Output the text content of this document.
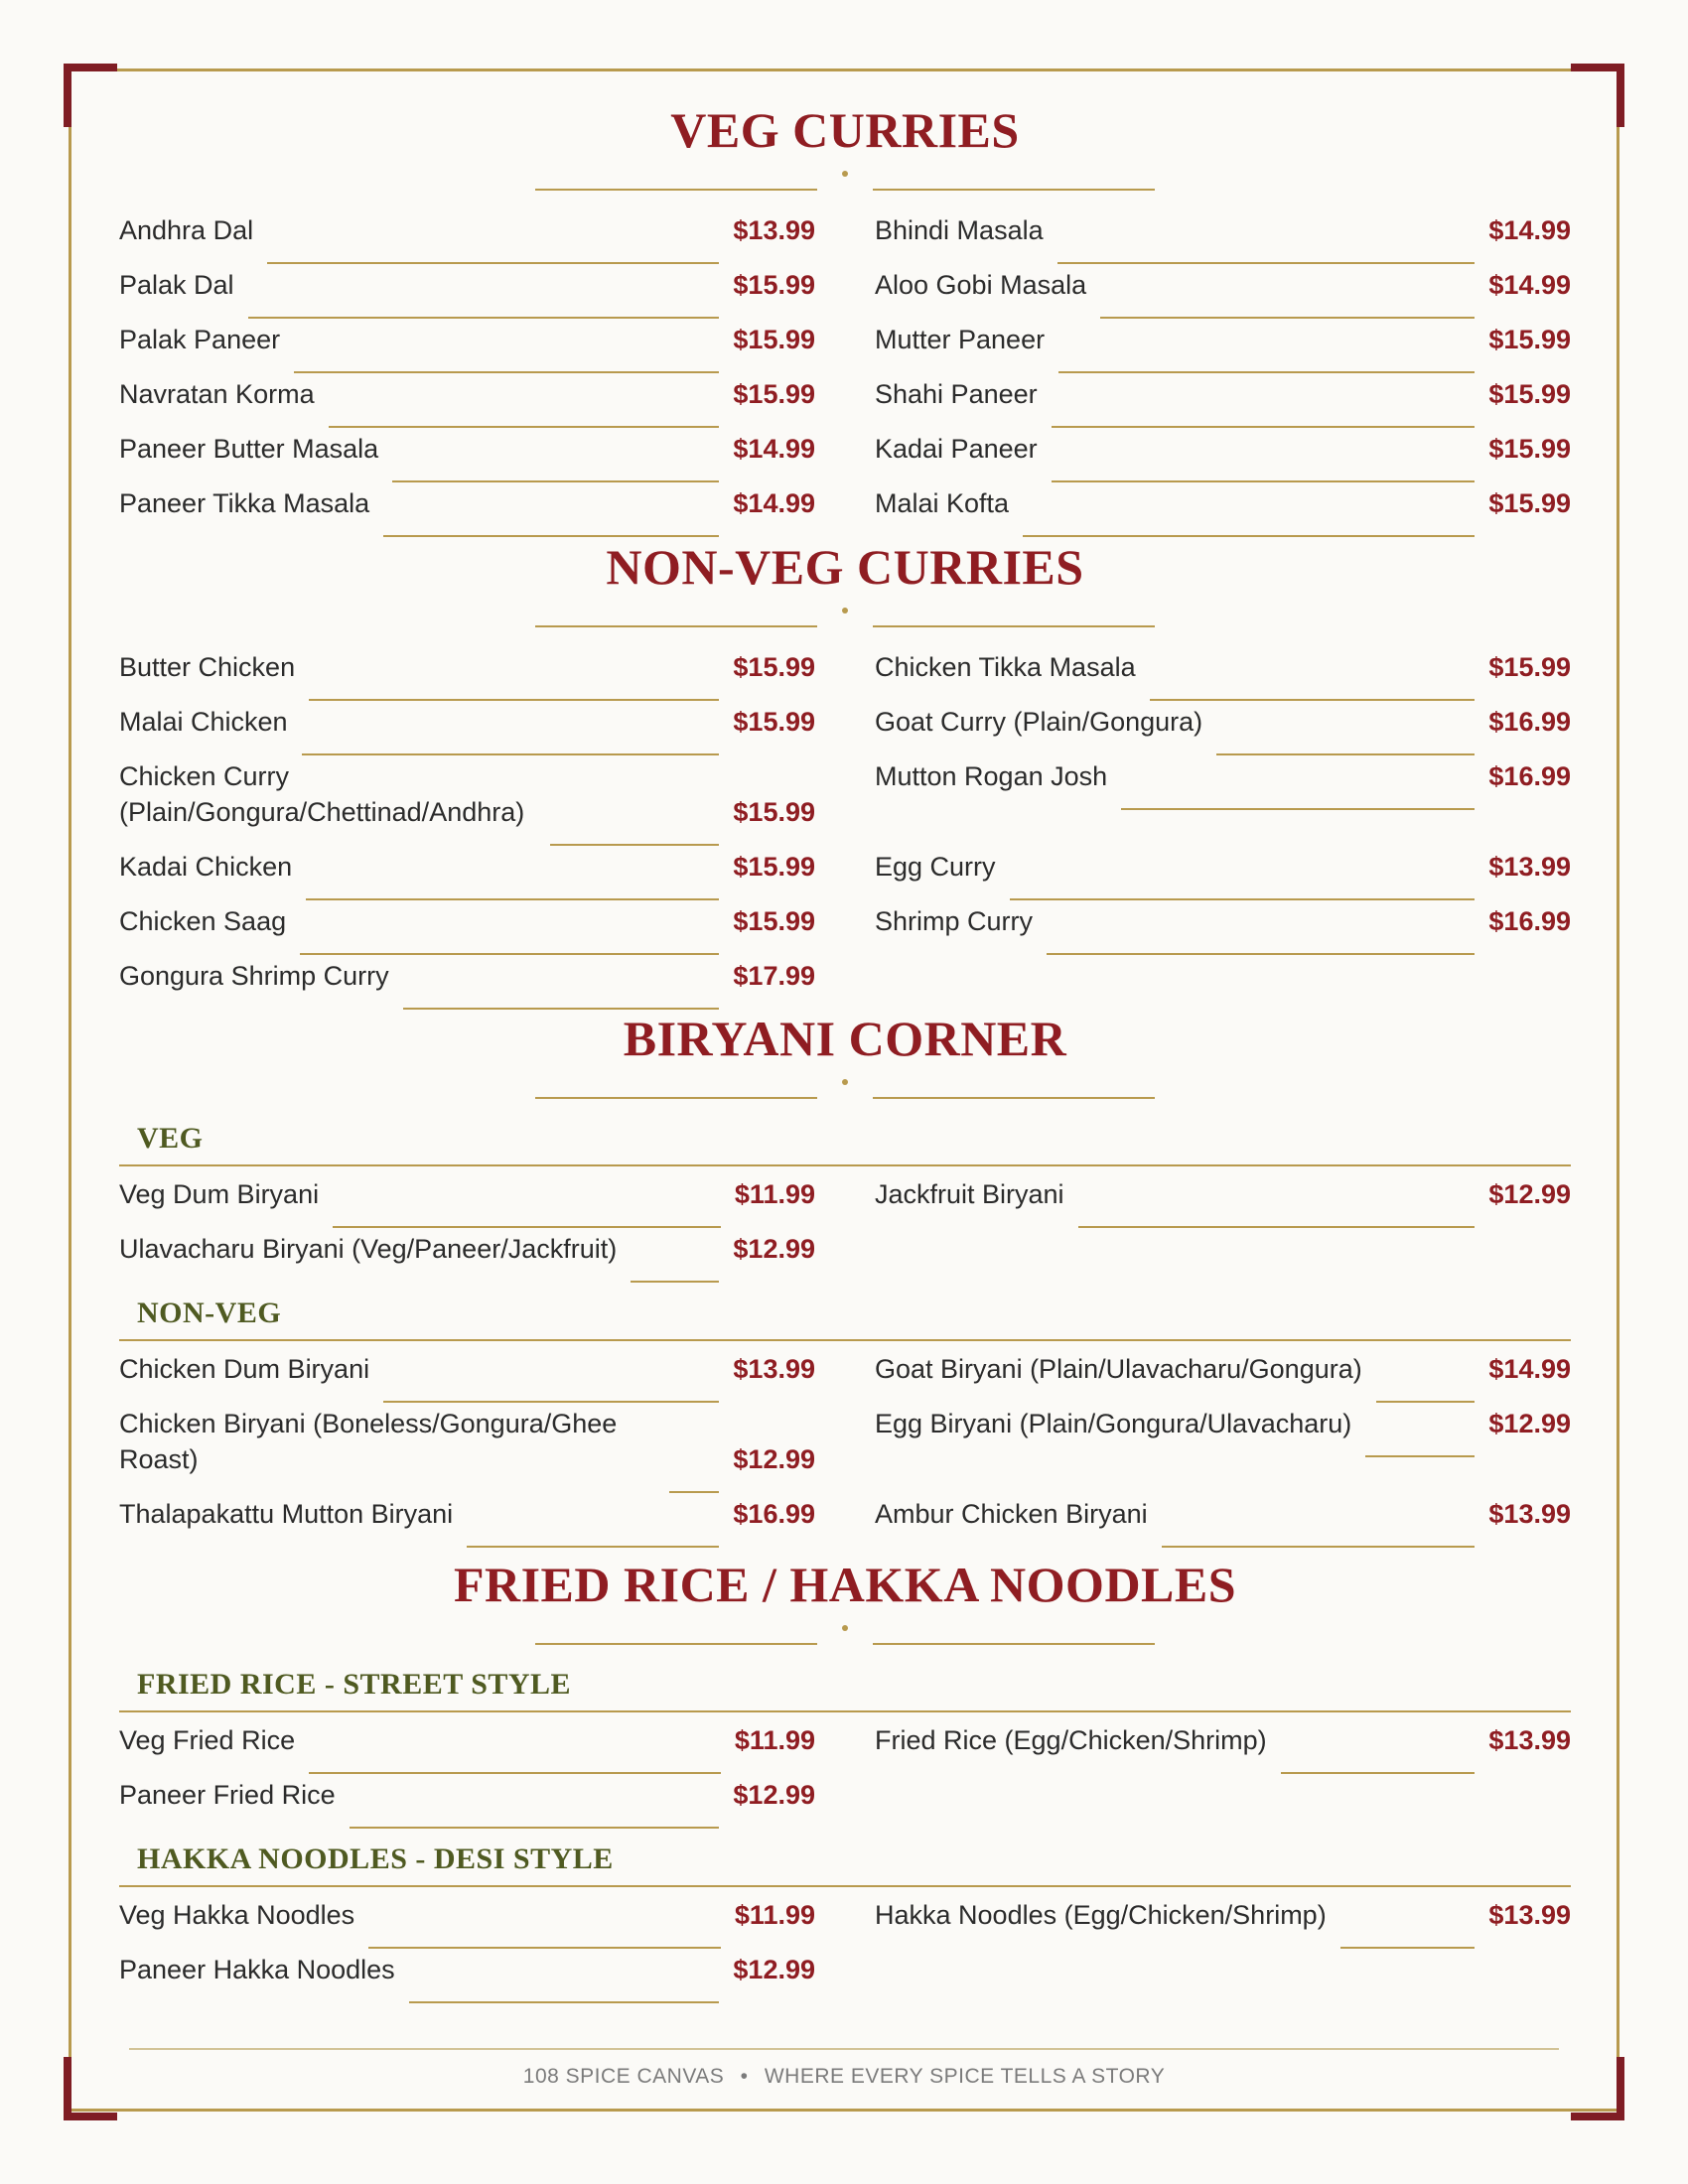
VEG CURRIES
Andhra Dal	$13.99
Palak Dal	$15.99
Palak Paneer	$15.99
Navratan Korma	$15.99
Paneer Butter Masala	$14.99
Paneer Tikka Masala	$14.99
Bhindi Masala	$14.99
Aloo Gobi Masala	$14.99
Mutter Paneer	$15.99
Shahi Paneer	$15.99
Kadai Paneer	$15.99
Malai Kofta	$15.99
NON-VEG CURRIES
Butter Chicken	$15.99
Malai Chicken	$15.99
Chicken Curry (Plain/Gongura/Chettinad/Andhra)	$15.99
Kadai Chicken	$15.99
Chicken Saag	$15.99
Gongura Shrimp Curry	$17.99
Chicken Tikka Masala	$15.99
Goat Curry (Plain/Gongura)	$16.99
Mutton Rogan Josh	$16.99
Egg Curry	$13.99
Shrimp Curry	$16.99
BIRYANI CORNER
VEG
Veg Dum Biryani	$11.99
Ulavacharu Biryani (Veg/Paneer/Jackfruit)	$12.99
Jackfruit Biryani	$12.99
NON-VEG
Chicken Dum Biryani	$13.99
Chicken Biryani (Boneless/Gongura/Ghee Roast)	$12.99
Thalapakattu Mutton Biryani	$16.99
Goat Biryani (Plain/Ulavacharu/Gongura)	$14.99
Egg Biryani (Plain/Gongura/Ulavacharu)	$12.99
Ambur Chicken Biryani	$13.99
FRIED RICE / HAKKA NOODLES
FRIED RICE - STREET STYLE
Veg Fried Rice	$11.99
Paneer Fried Rice	$12.99
Fried Rice (Egg/Chicken/Shrimp)	$13.99
HAKKA NOODLES - DESI STYLE
Veg Hakka Noodles	$11.99
Paneer Hakka Noodles	$12.99
Hakka Noodles (Egg/Chicken/Shrimp)	$13.99
108 SPICE CANVAS • WHERE EVERY SPICE TELLS A STORY
